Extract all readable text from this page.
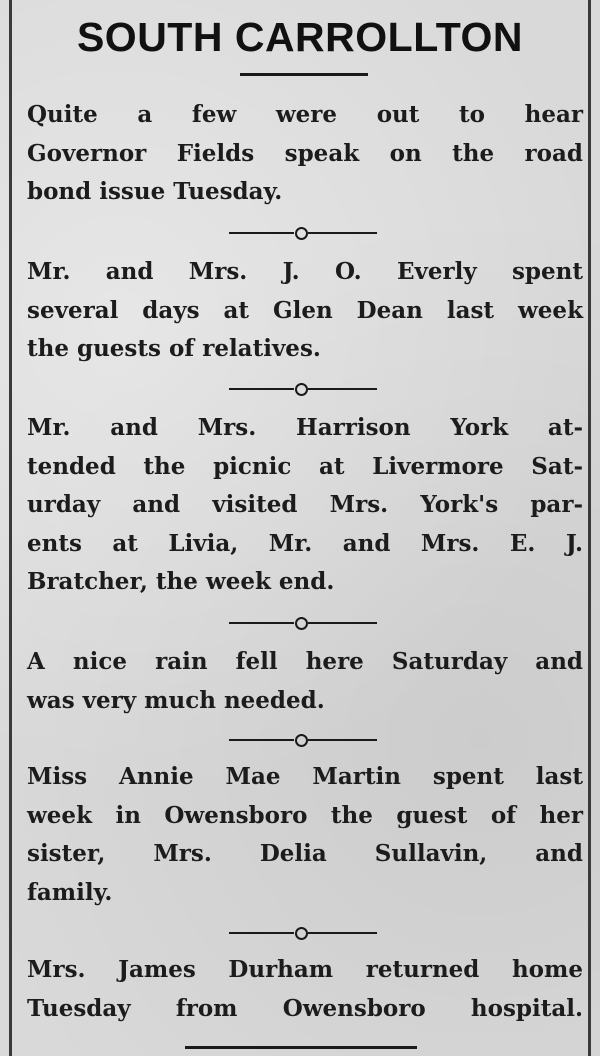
SOUTH CARROLLTON
Quite a few were out to hear
Governor Fields speak on the road
bond issue Tuesday.
Mr. and Mrs. J. O. Everly spent
several days at Glen Dean last week
the guests of relatives.
Mr. and Mrs. Harrison York at-
tended the picnic at Livermore Sat-
urday and visited Mrs. York's par-
ents at Livia, Mr. and Mrs. E. J.
Bratcher, the week end.
A nice rain fell here Saturday and
was very much needed.
Miss Annie Mae Martin spent last
week in Owensboro the guest of her
sister, Mrs. Delia Sullavin, and
family.
Mrs. James Durham returned home
Tuesday from Owensboro hospital.
